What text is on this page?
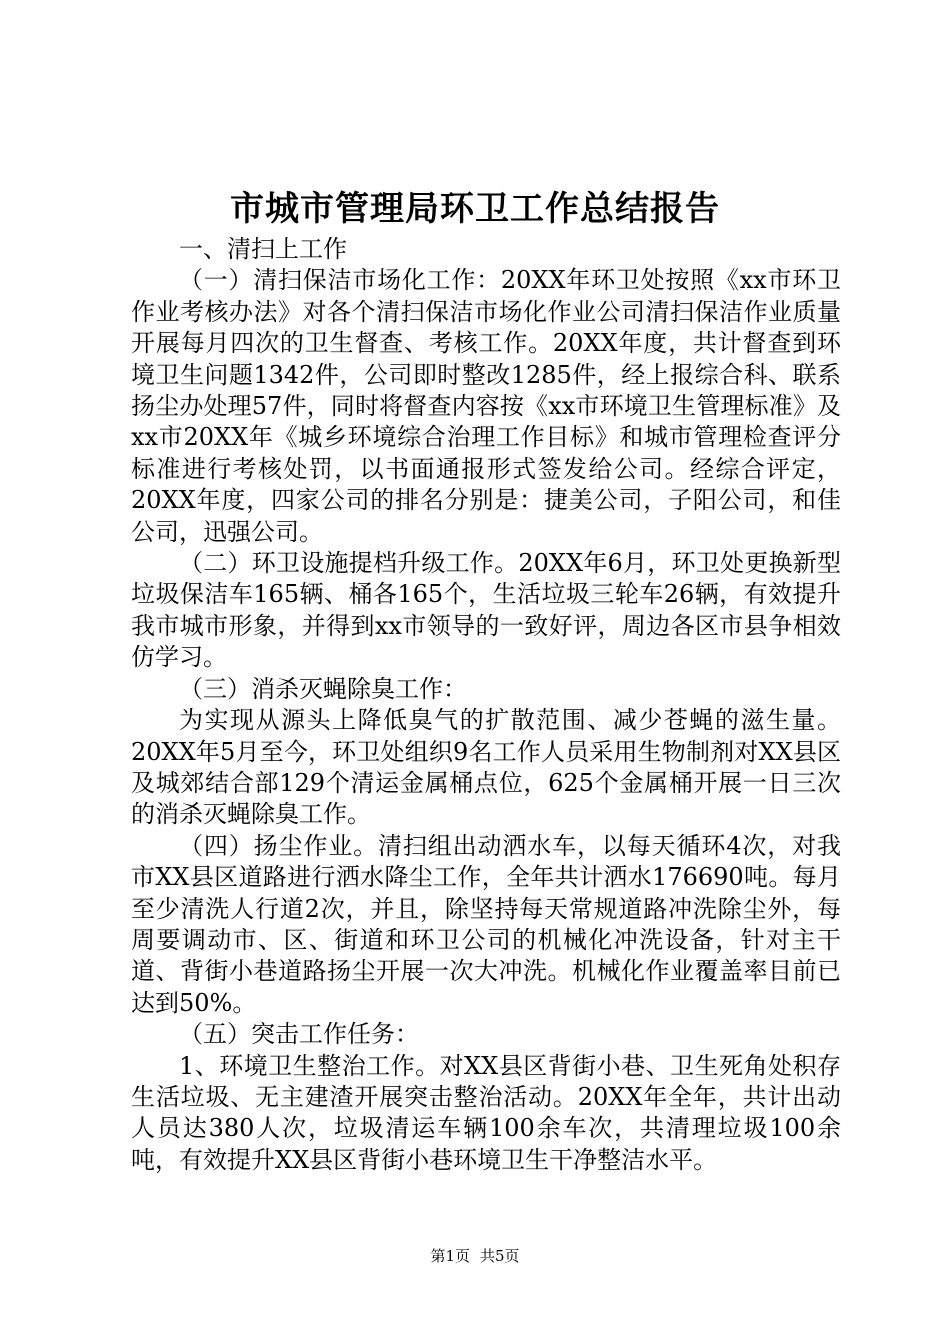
市城市管理局环卫工作总结报告

一、清扫上工作

（一）清扫保洁市场化工作：20XX年环卫处按照《xx市环卫作业考核办法》对各个清扫保洁市场化作业公司清扫保洁作业质量开展每月四次的卫生督查、考核工作。20XX年度，共计督查到环境卫生问题1342件，公司即时整改1285件，经上报综合科、联系扬尘办处理57件，同时将督查内容按《xx市环境卫生管理标准》及xx市20XX年《城乡环境综合治理工作目标》和城市管理检查评分标准进行考核处罚，以书面通报形式签发给公司。经综合评定，20XX年度，四家公司的排名分别是：捷美公司，子阳公司，和佳公司，迅强公司。

（二）环卫设施提档升级工作。20XX年6月，环卫处更换新型垃圾保洁车165辆、桶各165个，生活垃圾三轮车26辆，有效提升我市城市形象，并得到xx市领导的一致好评，周边各区市县争相效仿学习。

（三）消杀灭蝇除臭工作：

为实现从源头上降低臭气的扩散范围、减少苍蝇的滋生量。20XX年5月至今，环卫处组织9名工作人员采用生物制剂对XX县区及城郊结合部129个清运金属桶点位，625个金属桶开展一日三次的消杀灭蝇除臭工作。

（四）扬尘作业。清扫组出动洒水车，以每天循环4次，对我市XX县区道路进行洒水降尘工作，全年共计洒水176690吨。每月至少清洗人行道2次，并且，除坚持每天常规道路冲洗除尘外，每周要调动市、区、街道和环卫公司的机械化冲洗设备，针对主干道、背街小巷道路扬尘开展一次大冲洗。机械化作业覆盖率目前已达到50%。

（五）突击工作任务：

1、环境卫生整治工作。对XX县区背街小巷、卫生死角处积存生活垃圾、无主建渣开展突击整治活动。20XX年全年，共计出动人员达380人次，垃圾清运车辆100余车次，共清理垃圾100余吨，有效提升XX县区背街小巷环境卫生干净整洁水平。

第1页 共5页
